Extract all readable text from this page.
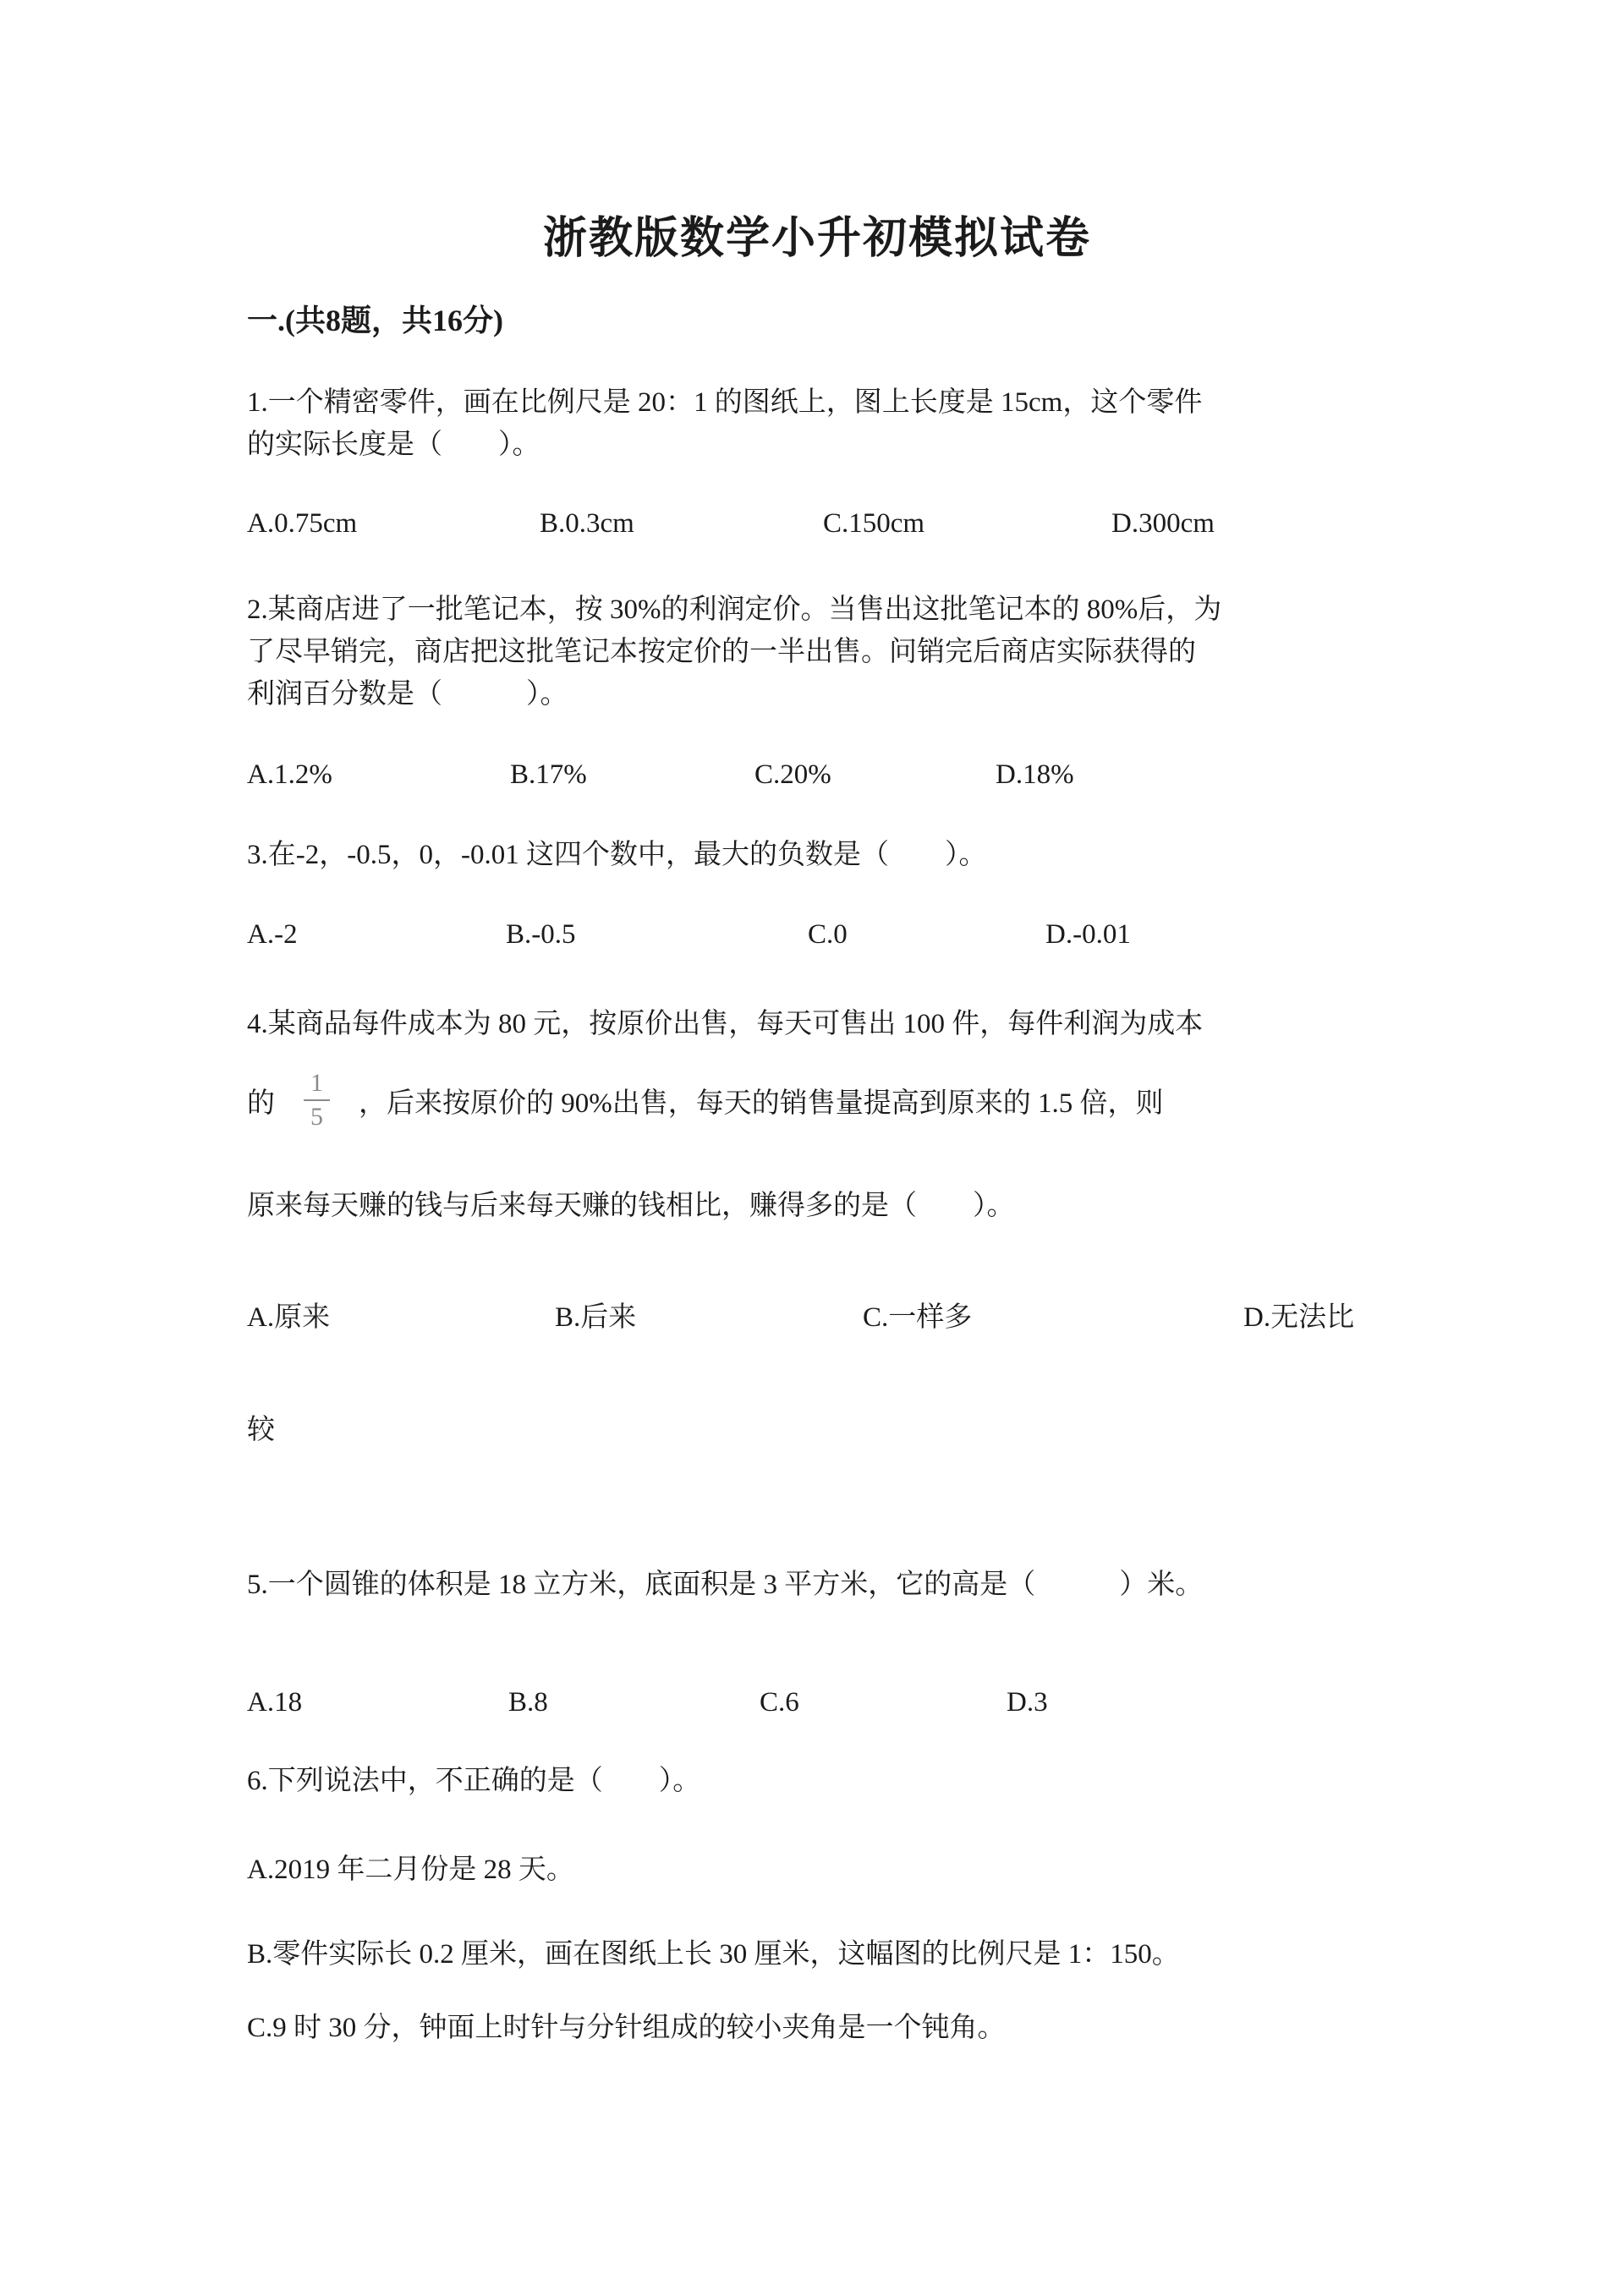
浙教版数学小升初模拟试卷
一.(共8题，共16分)

1.一个精密零件，画在比例尺是 20：1 的图纸上，图上长度是 15cm，这个零件

的实际长度是（　　）。

A.0.75cm	B.0.3cm	C.150cm	D.300cm

2.某商店进了一批笔记本，按 30%的利润定价。当售出这批笔记本的 80%后，为

了尽早销完，商店把这批笔记本按定价的一半出售。问销完后商店实际获得的

利润百分数是（　　　）。

A.1.2%	B.17%	C.20%	D.18%

3.在-2，-0.5，0，-0.01 这四个数中，最大的负数是（　　）。

A.-2	B.-0.5	C.0	D.-0.01

4.某商品每件成本为 80 元，按原价出售，每天可售出 100 件，每件利润为成本

的 $\frac{1}{5}$ ，后来按原价的 90%出售，每天的销售量提高到原来的 1.5 倍，则

原来每天赚的钱与后来每天赚的钱相比，赚得多的是（　　）。

A.原来	B.后来	C.一样多	D.无法比

较

5.一个圆锥的体积是 18 立方米，底面积是 3 平方米，它的高是（　　　）米。

A.18	B.8	C.6	D.3

6.下列说法中，不正确的是（　　）。

A.2019 年二月份是 28 天。

B.零件实际长 0.2 厘米，画在图纸上长 30 厘米，这幅图的比例尺是 1：150。

C.9 时 30 分，钟面上时针与分针组成的较小夹角是一个钝角。
